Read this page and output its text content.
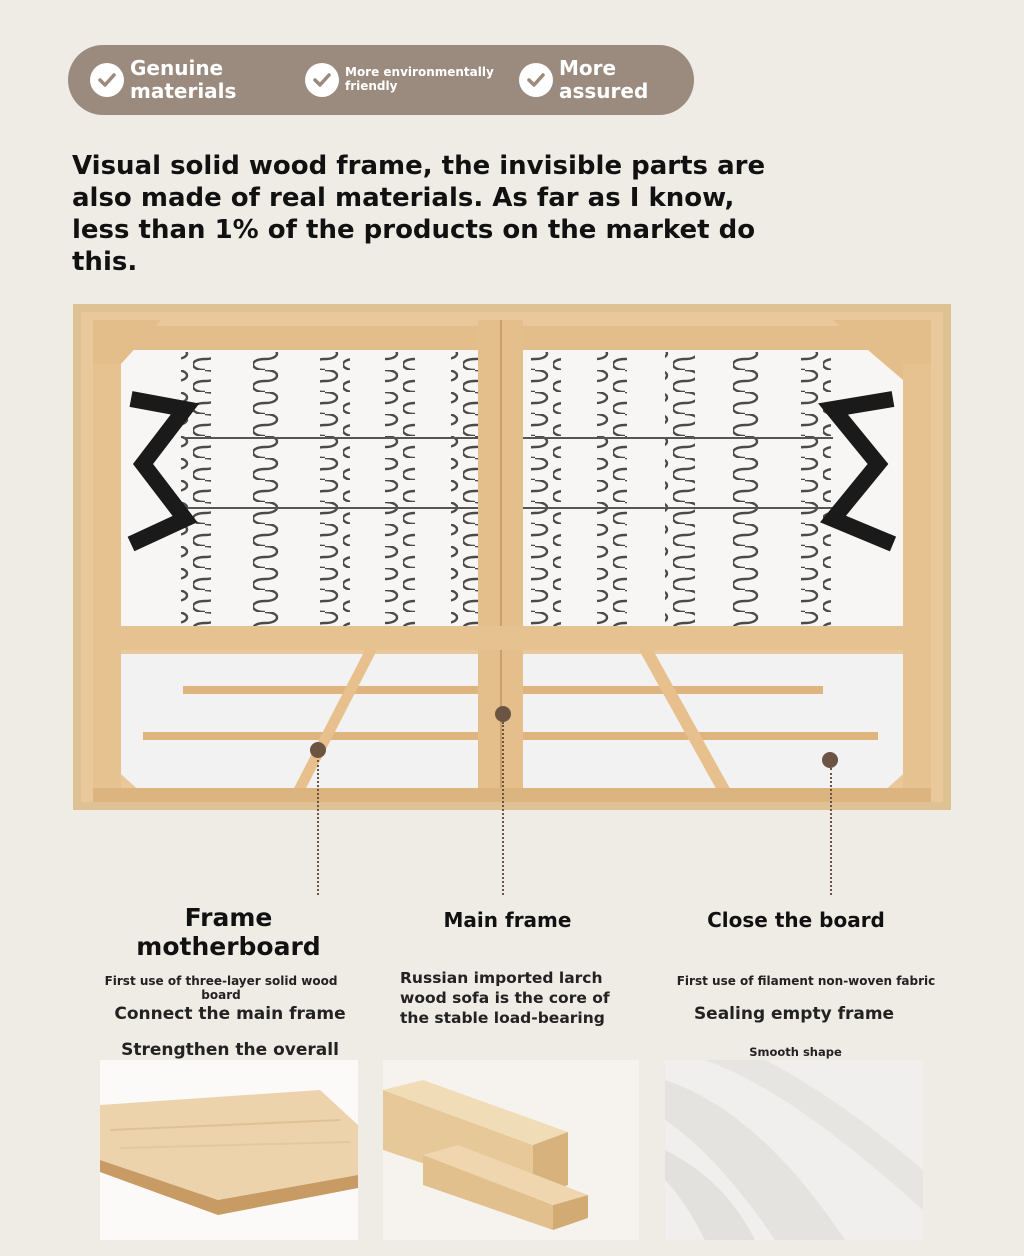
Genuine materials
More environmentally friendly
More assured

Visual solid wood frame, the invisible parts are also made of real materials. As far as I know, less than 1% of the products on the market do this.

Frame motherboard
Main frame	Close the board
First use of three-layer solid wood board
Connect the main frame
Strengthen the overall
Russian imported larch wood sofa is the core of the stable load-bearing
First use of filament non-woven fabric
Sealing empty frame
Smooth shape
